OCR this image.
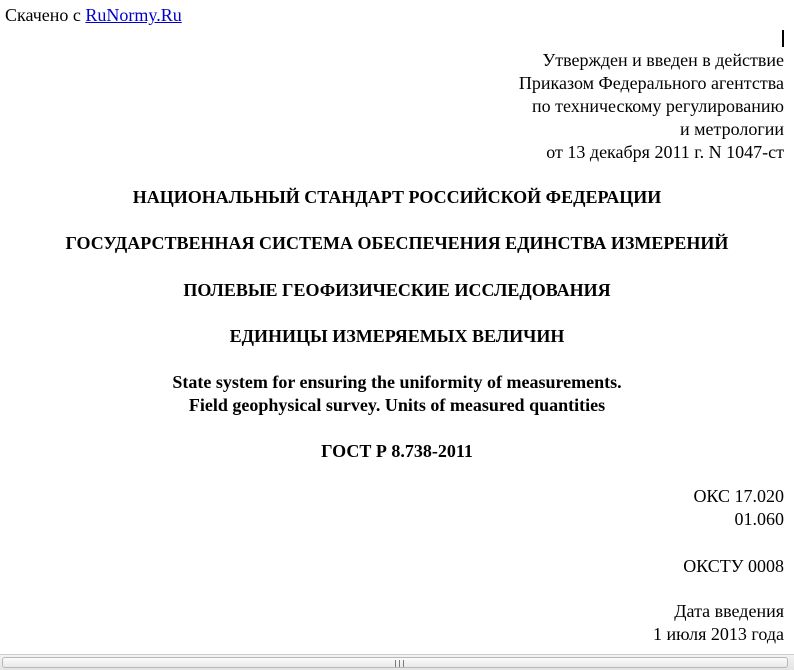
Скачено с RuNormy.Ru
Утвержден и введен в действие
Приказом Федерального агентства
по техническому регулированию
и метрологии
от 13 декабря 2011 г. N 1047-ст
НАЦИОНАЛЬНЫЙ СТАНДАРТ РОССИЙСКОЙ ФЕДЕРАЦИИ
ГОСУДАРСТВЕННАЯ СИСТЕМА ОБЕСПЕЧЕНИЯ ЕДИНСТВА ИЗМЕРЕНИЙ
ПОЛЕВЫЕ ГЕОФИЗИЧЕСКИЕ ИССЛЕДОВАНИЯ
ЕДИНИЦЫ ИЗМЕРЯЕМЫХ ВЕЛИЧИН
State system for ensuring the uniformity of measurements.
Field geophysical survey. Units of measured quantities
ГОСТ Р 8.738-2011
ОКС 17.020
01.060
ОКСТУ 0008
Дата введения
1 июля 2013 года
